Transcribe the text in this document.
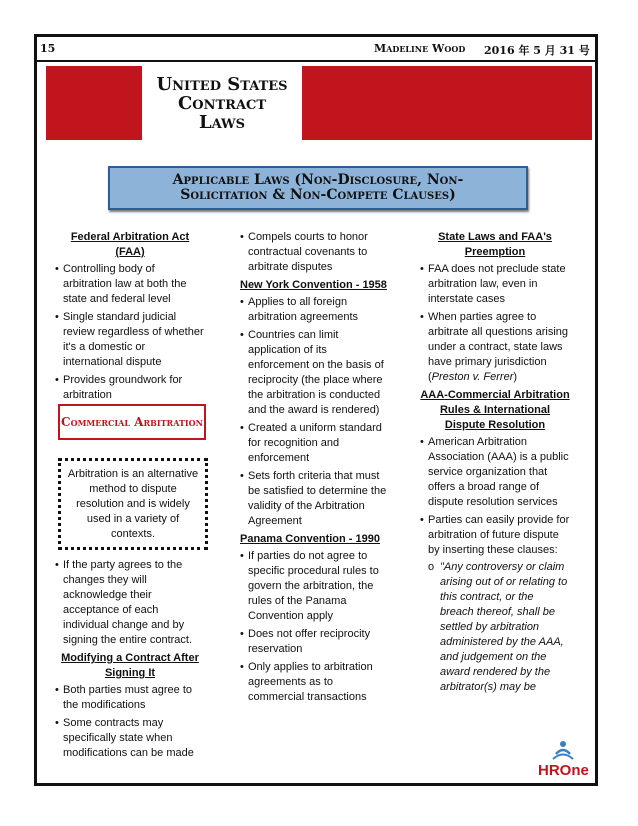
15	Madeline Wood 2016 年 5 月 31 号
United States
Contract
Laws
Applicable Laws (Non-Disclosure, Non-
Solicitation & Non-Compete Clauses)
Federal Arbitration Act (FAA)
• Controlling body of arbitration law at both the state and federal level
• Single standard judicial review regardless of whether it's a domestic or international dispute
• Provides groundwork for arbitration
Commercial Arbitration
Arbitration is an alternative method to dispute resolution and is widely used in a variety of contexts.
• If the party agrees to the changes they will acknowledge their acceptance of each individual change and by signing the entire contract.
Modifying a Contract After Signing It
• Both parties must agree to the modifications
• Some contracts may specifically state when modifications can be made
• Compels courts to honor contractual covenants to arbitrate disputes
New York Convention - 1958
• Applies to all foreign arbitration agreements
• Countries can limit application of its enforcement on the basis of reciprocity (the place where the arbitration is conducted and the award is rendered)
• Created a uniform standard for recognition and enforcement
• Sets forth criteria that must be satisfied to determine the validity of the Arbitration Agreement
Panama Convention - 1990
• If parties do not agree to specific procedural rules to govern the arbitration, the rules of the Panama Convention apply
• Does not offer reciprocity reservation
• Only applies to arbitration agreements as to commercial transactions
State Laws and FAA's Preemption
• FAA does not preclude state arbitration law, even in interstate cases
• When parties agree to arbitrate all questions arising under a contract, state laws have primary jurisdiction (Preston v. Ferrer)
AAA-Commercial Arbitration Rules & International Dispute Resolution
• American Arbitration Association (AAA) is a public service organization that offers a broad range of dispute resolution services
• Parties can easily provide for arbitration of future dispute by inserting these clauses:
o "Any controversy or claim arising out of or relating to this contract, or the breach thereof, shall be settled by arbitration administered by the AAA, and judgement on the award rendered by the arbitrator(s) may be
HROne
